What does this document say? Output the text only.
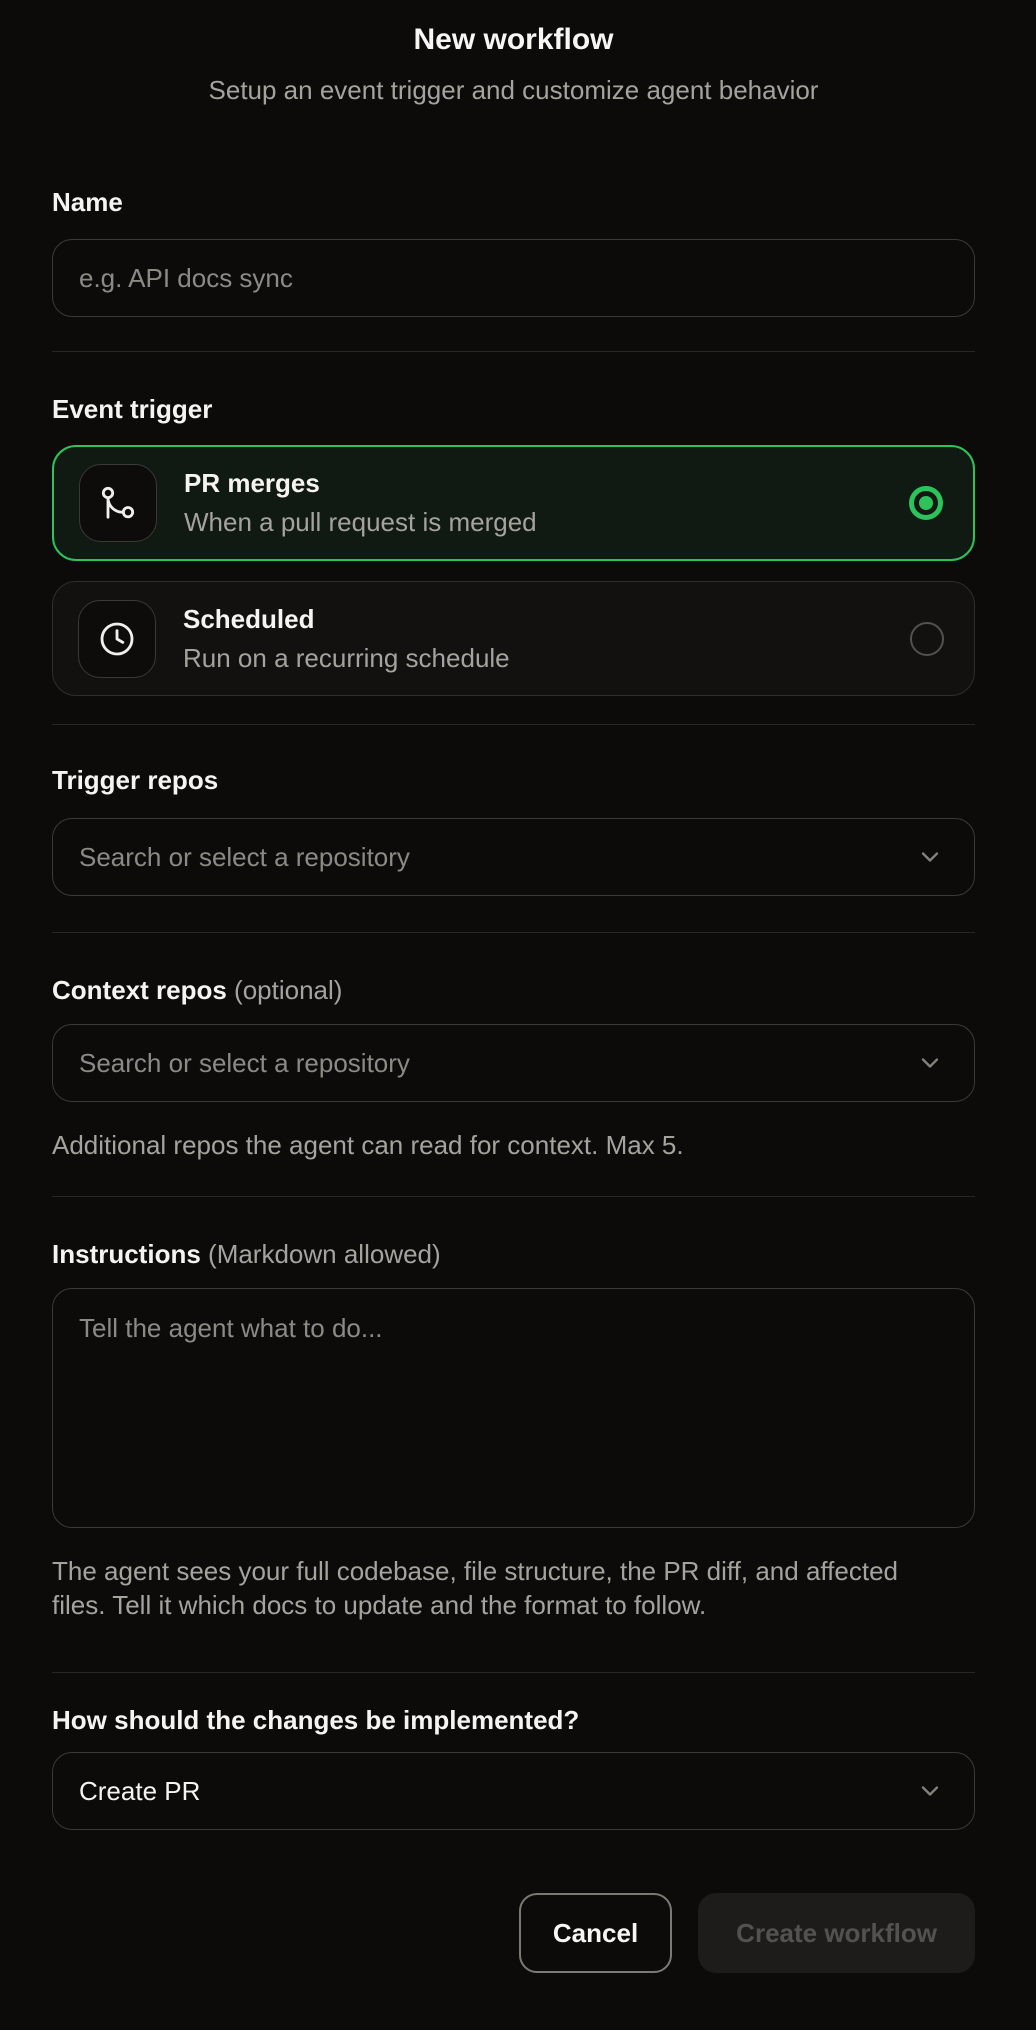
New workflow

Setup an event trigger and customize agent behavior

Name
e.g. API docs sync
Event trigger
PR merges
When a pull request is merged
Scheduled
Run on a recurring schedule
Trigger repos
Search or select a repository
Context repos (optional)
Search or select a repository

Additional repos the agent can read for context. Max 5.

Instructions (Markdown allowed)
Tell the agent what to do...

The agent sees your full codebase, file structure, the PR diff, and affected files. Tell it which docs to update and the format to follow.

How should the changes be implemented?
Create PR
Cancel	Create workflow
